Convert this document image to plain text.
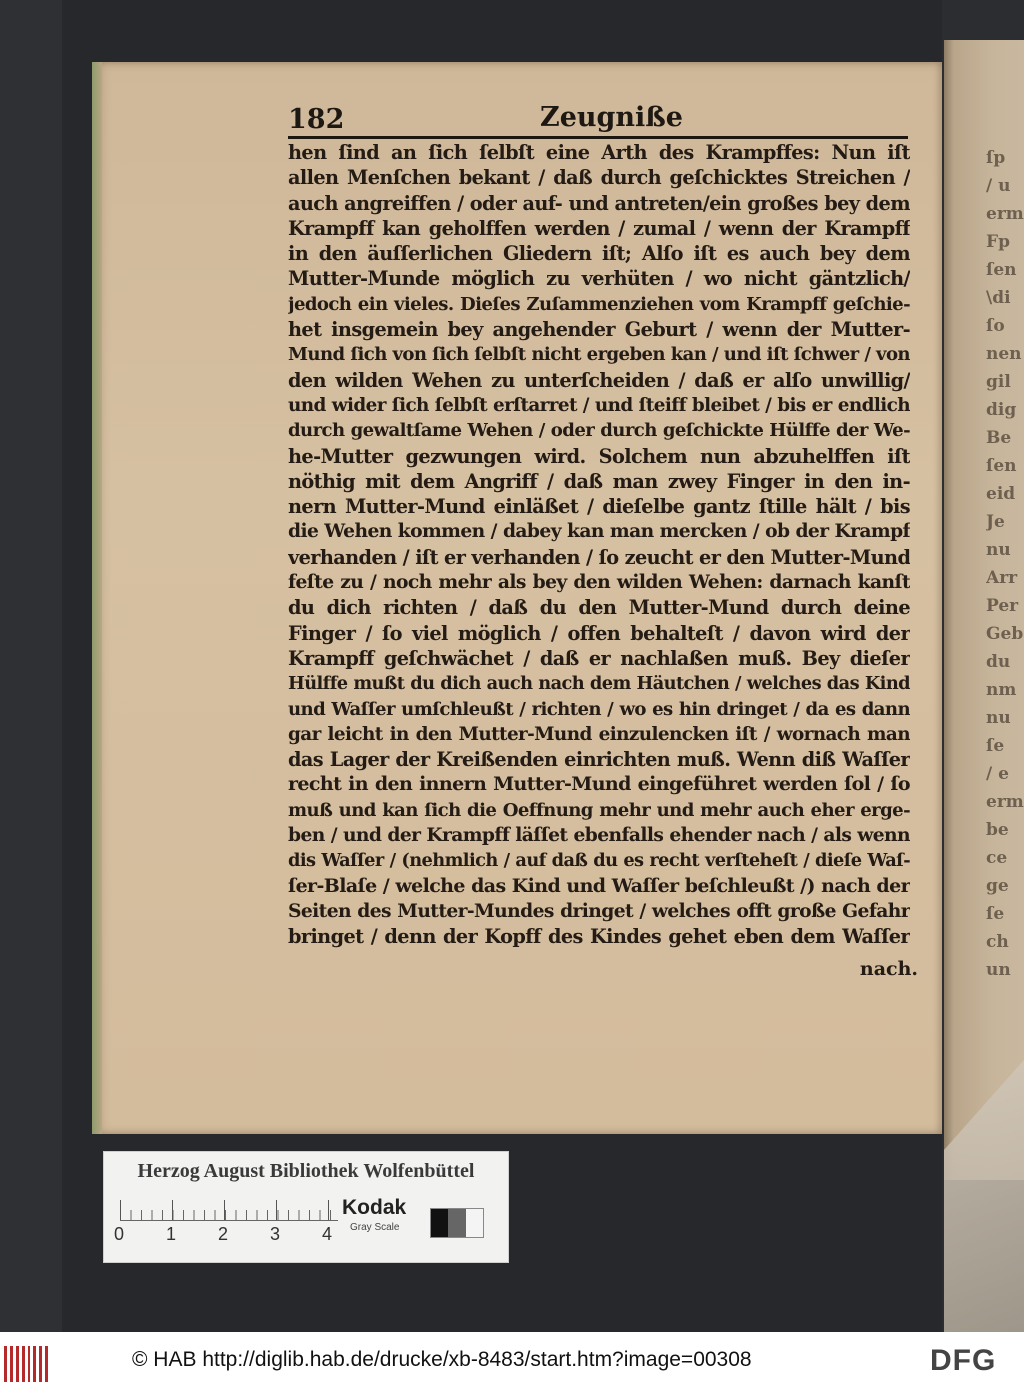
ſp
/ u
erm
Fp
ſen
\di
ſo
nen
gil
dig
Be
ſen
eid
Je
nu
Arr
Per
Geb
du
nm
nu
ſe
/ e
erm
be
ce
ge
ſe
ch
un
182	Zeugniße
hen ſind an ſich ſelbſt eine Arth des Krampffes: Nun iſt
allen Menſchen bekant / daß durch geſchicktes Streichen /
auch angreiffen / oder auf- und antreten/ein großes bey dem
Krampff kan geholffen werden / zumal / wenn der Krampff
in den äuſſerlichen Gliedern iſt; Alſo iſt es auch bey dem
Mutter-Munde möglich zu verhüten / wo nicht gäntzlich/
jedoch ein vieles. Dieſes Zuſammenziehen vom Krampff geſchie-
het insgemein bey angehender Geburt / wenn der Mutter-
Mund ſich von ſich ſelbſt nicht ergeben kan / und iſt ſchwer / von
den wilden Wehen zu unterſcheiden / daß er alſo unwillig/
und wider ſich ſelbſt erſtarret / und ſteiff bleibet / bis er endlich
durch gewaltſame Wehen / oder durch geſchickte Hülffe der We-
he-Mutter gezwungen wird. Solchem nun abzuhelffen iſt
nöthig mit dem Angriff / daß man zwey Finger in den in-
nern Mutter-Mund einläßet / dieſelbe gantz ſtille hält / bis
die Wehen kommen / dabey kan man mercken / ob der Krampf
verhanden / iſt er verhanden / ſo zeucht er den Mutter-Mund
feſte zu / noch mehr als bey den wilden Wehen: darnach kanſt
du dich richten / daß du den Mutter-Mund durch deine
Finger / ſo viel möglich / offen behalteſt / davon wird der
Krampff geſchwächet / daß er nachlaßen muß. Bey dieſer
Hülffe mußt du dich auch nach dem Häutchen / welches das Kind
und Waſſer umſchleußt / richten / wo es hin dringet / da es dann
gar leicht in den Mutter-Mund einzulencken iſt / wornach man
das Lager der Kreißenden einrichten muß. Wenn diß Waſſer
recht in den innern Mutter-Mund eingeführet werden ſol / ſo
muß und kan ſich die Oeffnung mehr und mehr auch eher erge-
ben / und der Krampff läſſet ebenfalls ehender nach / als wenn
dis Waſſer / (nehmlich / auf daß du es recht verſteheſt / dieſe Waſ-
ſer-Blaſe / welche das Kind und Waſſer beſchleußt /) nach der
Seiten des Mutter-Mundes dringet / welches offt große Gefahr
bringet / denn der Kopff des Kindes gehet eben dem Waſſer
nach.
Herzog August Bibliothek Wolfenbüttel
0 1 2 3 4
Kodak
Gray Scale
© HAB http://diglib.hab.de/drucke/xb-8483/start.htm?image=00308	DFG
